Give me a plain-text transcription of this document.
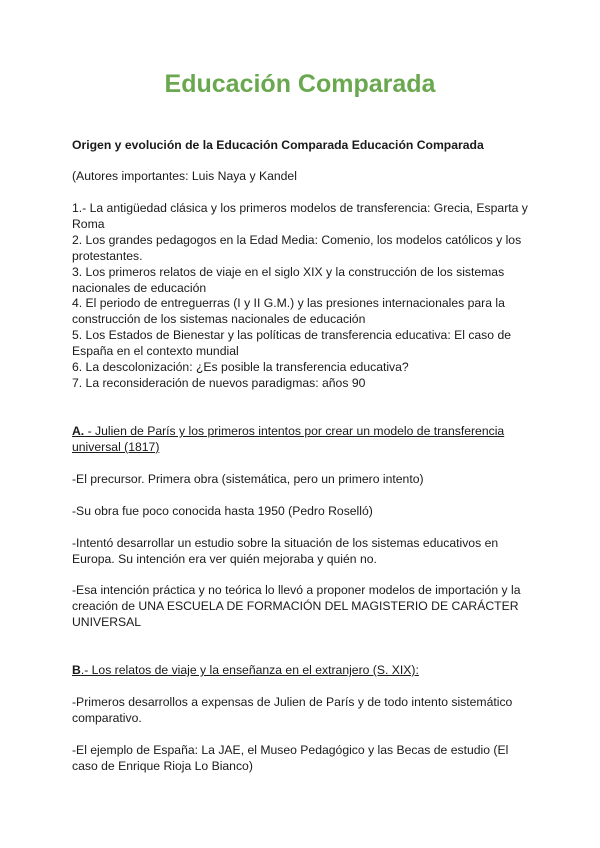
Educación Comparada
Origen y evolución de la Educación Comparada Educación Comparada
(Autores importantes: Luis Naya y Kandel
1.- La antigüedad clásica y los primeros modelos de transferencia: Grecia, Esparta y Roma
2. Los grandes pedagogos en la Edad Media: Comenio, los modelos católicos y los protestantes.
3. Los primeros relatos de viaje en el siglo XIX y la construcción de los sistemas nacionales de educación
4. El periodo de entreguerras (I y II G.M.) y las presiones internacionales para la construcción de los sistemas nacionales de educación
5. Los Estados de Bienestar y las políticas de transferencia educativa: El caso de España en el contexto mundial
6. La descolonización: ¿Es posible la transferencia educativa?
7. La reconsideración de nuevos paradigmas: años 90
A. - Julien de París y los primeros intentos por crear un modelo de transferencia universal (1817)
-El precursor. Primera obra (sistemática, pero un primero intento)
-Su obra fue poco conocida hasta 1950 (Pedro Roselló)
-Intentó desarrollar un estudio sobre la situación de los sistemas educativos en Europa. Su intención era ver quién mejoraba y quién no.
-Esa intención práctica y no teórica lo llevó a proponer modelos de importación y la creación de UNA ESCUELA DE FORMACIÓN DEL MAGISTERIO DE CARÁCTER UNIVERSAL
B.- Los relatos de viaje y la enseñanza en el extranjero (S. XIX):
-Primeros desarrollos a expensas de Julien de París y de todo intento sistemático comparativo.
-El ejemplo de España: La JAE, el Museo Pedagógico y las Becas de estudio (El caso de Enrique Rioja Lo Bianco)
